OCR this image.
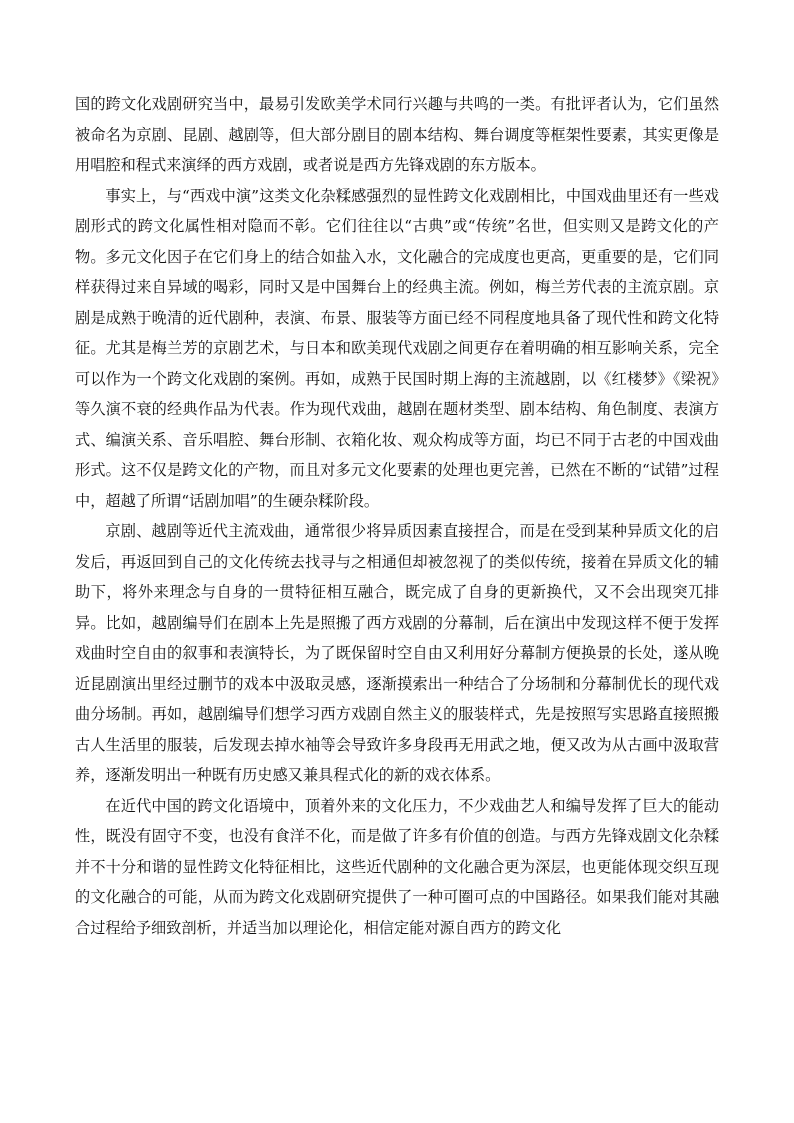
国的跨文化戏剧研究当中，最易引发欧美学术同行兴趣与共鸣的一类。有批评者认为，它们虽然被命名为京剧、昆剧、越剧等，但大部分剧目的剧本结构、舞台调度等框架性要素，其实更像是用唱腔和程式来演绎的西方戏剧，或者说是西方先锋戏剧的东方版本。

事实上，与“西戏中演”这类文化杂糅感强烈的显性跨文化戏剧相比，中国戏曲里还有一些戏剧形式的跨文化属性相对隐而不彰。它们往往以“古典”或“传统”名世，但实则又是跨文化的产物。多元文化因子在它们身上的结合如盐入水，文化融合的完成度也更高，更重要的是，它们同样获得过来自异域的喝彩，同时又是中国舞台上的经典主流。例如，梅兰芳代表的主流京剧。京剧是成熟于晚清的近代剧种，表演、布景、服装等方面已经不同程度地具备了现代性和跨文化特征。尤其是梅兰芳的京剧艺术，与日本和欧美现代戏剧之间更存在着明确的相互影响关系，完全可以作为一个跨文化戏剧的案例。再如，成熟于民国时期上海的主流越剧，以《红楼梦》《梁祝》等久演不衰的经典作品为代表。作为现代戏曲，越剧在题材类型、剧本结构、角色制度、表演方式、编演关系、音乐唱腔、舞台形制、衣箱化妆、观众构成等方面，均已不同于古老的中国戏曲形式。这不仅是跨文化的产物，而且对多元文化要素的处理也更完善，已然在不断的“试错”过程中，超越了所谓“话剧加唱”的生硬杂糅阶段。

京剧、越剧等近代主流戏曲，通常很少将异质因素直接捏合，而是在受到某种异质文化的启发后，再返回到自己的文化传统去找寻与之相通但却被忽视了的类似传统，接着在异质文化的辅助下，将外来理念与自身的一贯特征相互融合，既完成了自身的更新换代，又不会出现突兀排异。比如，越剧编导们在剧本上先是照搬了西方戏剧的分幕制，后在演出中发现这样不便于发挥戏曲时空自由的叙事和表演特长，为了既保留时空自由又利用好分幕制方便换景的长处，遂从晚近昆剧演出里经过删节的戏本中汲取灵感，逐渐摸索出一种结合了分场制和分幕制优长的现代戏曲分场制。再如，越剧编导们想学习西方戏剧自然主义的服装样式，先是按照写实思路直接照搬古人生活里的服装，后发现去掉水袖等会导致许多身段再无用武之地，便又改为从古画中汲取营养，逐渐发明出一种既有历史感又兼具程式化的新的戏衣体系。

在近代中国的跨文化语境中，顶着外来的文化压力，不少戏曲艺人和编导发挥了巨大的能动性，既没有固守不变，也没有食洋不化，而是做了许多有价值的创造。与西方先锋戏剧文化杂糅并不十分和谐的显性跨文化特征相比，这些近代剧种的文化融合更为深层，也更能体现交织互现的文化融合的可能，从而为跨文化戏剧研究提供了一种可圈可点的中国路径。如果我们能对其融合过程给予细致剖析，并适当加以理论化，相信定能对源自西方的跨文化
